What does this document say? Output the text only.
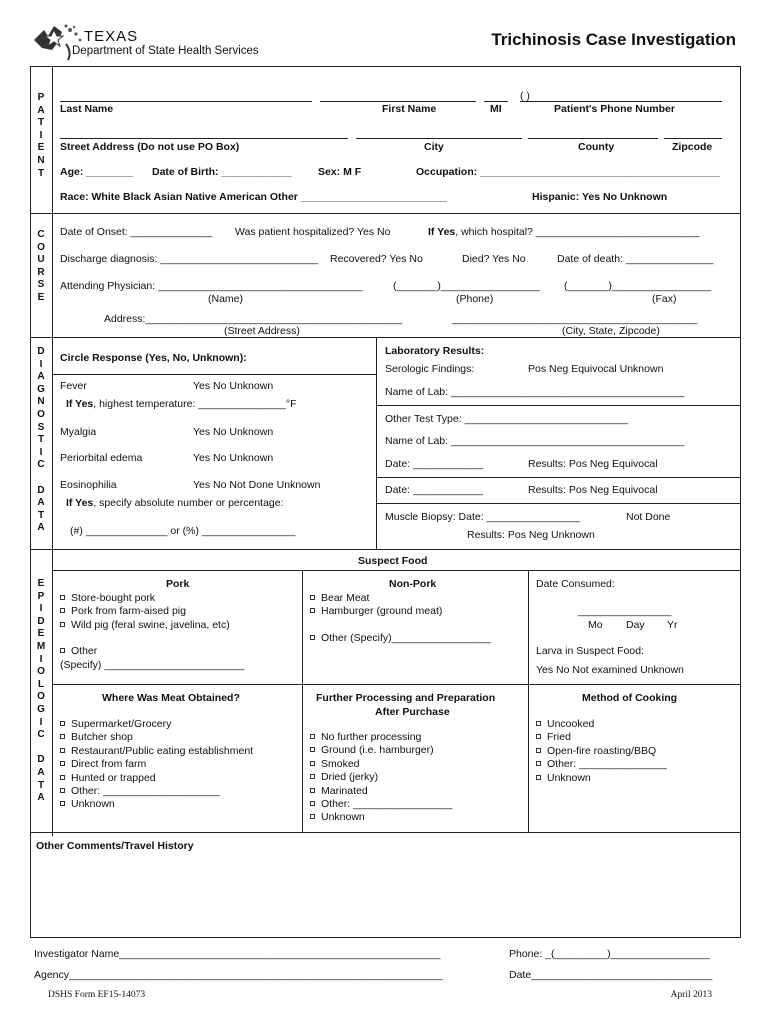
TEXAS
Department of State Health Services
Trichinosis Case Investigation
P
A
T
I
E
N
T
( )
Last Name	First Name	MI	Patient's Phone Number
Street Address (Do not use PO Box)	City	County	Zipcode
Age: ________ Date of Birth: ____________	Sex: M F	Occupation: _________________________________________
Race: White Black Asian Native American Other _________________________	Hispanic: Yes No Unknown
C
O
U
R
S
E
Date of Onset: ______________ Was patient hospitalized? Yes No	If Yes, which hospital? ____________________________
Discharge diagnosis: ___________________________ Recovered? Yes No	Died? Yes No	Date of death: _______________
Attending Physician: ___________________________________	(_______)_________________ (_______)_________________
(Name)	(Phone)	(Fax)
Address:____________________________________________	__________________________________________
(Street Address)	(City, State, Zipcode)
D
I
A
G
N
O
S
T
I
C

D
A
T
A
Circle Response (Yes, No, Unknown):
Fever	Yes No Unknown
If Yes, highest temperature: _______________°F
Myalgia	Yes No Unknown
Periorbital edema	Yes No Unknown
Eosinophilia	Yes No Not Done Unknown
If Yes, specify absolute number or percentage:
(#) ______________ or (%) ________________
Laboratory Results:
Serologic Findings:	Pos Neg Equivocal Unknown
Name of Lab: ________________________________________
Other Test Type: ____________________________
Name of Lab: ________________________________________
Date: ____________	Results: Pos Neg Equivocal
Date: ____________	Results: Pos Neg Equivocal
Muscle Biopsy: Date: ________________	Not Done
Results: Pos Neg Unknown
E
P
I
D
E
M
I
O
L
O
G
I
C

D
A
T
A
Suspect Food
Pork
Store-bought pork
Pork from farm-aised pig
Wild pig (feral swine, javelina, etc)
Other
(Specify) ________________________
Non-Pork
Bear Meat
Hamburger (ground meat)
Other (Specify)_________________
Date Consumed:
________________
Mo Day Yr
Larva in Suspect Food:
Yes No Not examined Unknown
Where Was Meat Obtained?
Supermarket/Grocery
Butcher shop
Restaurant/Public eating establishment
Direct from farm
Hunted or trapped
Other: ____________________
Unknown
Further Processing and Preparation
After Purchase
No further processing
Ground (i.e. hamburger)
Smoked
Dried (jerky)
Marinated
Other: _________________
Unknown
Method of Cooking
Uncooked
Fried
Open-fire roasting/BBQ
Other: _______________
Unknown
Other Comments/Travel History
Investigator Name_______________________________________________________	Phone: _(_________)_________________
Agency________________________________________________________________	Date_______________________________
DSHS Form EF15-14073	April 2013
